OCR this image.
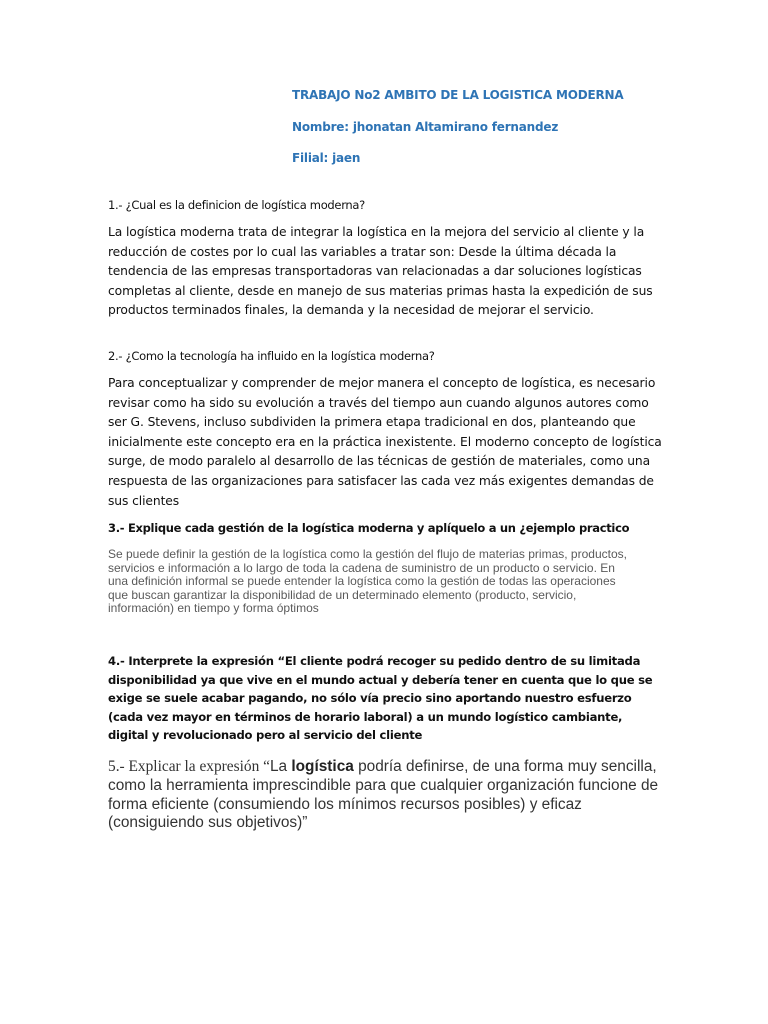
TRABAJO No2 AMBITO DE LA LOGISTICA MODERNA
Nombre: jhonatan Altamirano fernandez
Filial: jaen
1.- ¿Cual es la definicion de logística moderna?
La logística moderna trata de integrar la logística en la mejora del servicio al cliente y la reducción de costes por lo cual las variables a tratar son: Desde la última década la tendencia de las empresas transportadoras van relacionadas a dar soluciones logísticas completas al cliente, desde en manejo de sus materias primas hasta la expedición de sus productos terminados finales, la demanda y la necesidad de mejorar el servicio.
2.- ¿Como la tecnología ha influido en la logística moderna?
Para conceptualizar y comprender de mejor manera el concepto de logística, es necesario revisar como ha sido su evolución a través del tiempo aun cuando algunos autores como ser G. Stevens, incluso subdividen la primera etapa tradicional en dos, planteando que inicialmente este concepto era en la práctica inexistente. El moderno concepto de logística surge, de modo paralelo al desarrollo de las técnicas de gestión de materiales, como una respuesta de las organizaciones para satisfacer las cada vez más exigentes demandas de sus clientes
3.- Explique cada gestión de la logística moderna y aplíquelo a un ¿ejemplo practico
Se puede definir la gestión de la logística como la gestión del flujo de materias primas, productos, servicios e información a lo largo de toda la cadena de suministro de un producto o servicio. En una definición informal se puede entender la logística como la gestión de todas las operaciones que buscan garantizar la disponibilidad de un determinado elemento (producto, servicio, información) en tiempo y forma óptimos
4.- Interprete la expresión “El cliente podrá recoger su pedido dentro de su limitada disponibilidad ya que vive en el mundo actual y debería tener en cuenta que lo que se exige se suele acabar pagando, no sólo vía precio sino aportando nuestro esfuerzo (cada vez mayor en términos de horario laboral) a un mundo logístico cambiante, digital y revolucionado pero al servicio del cliente
5.- Explicar la expresión “La logística podría definirse, de una forma muy sencilla, como la herramienta imprescindible para que cualquier organización funcione de forma eficiente (consumiendo los mínimos recursos posibles) y eficaz (consiguiendo sus objetivos)”
